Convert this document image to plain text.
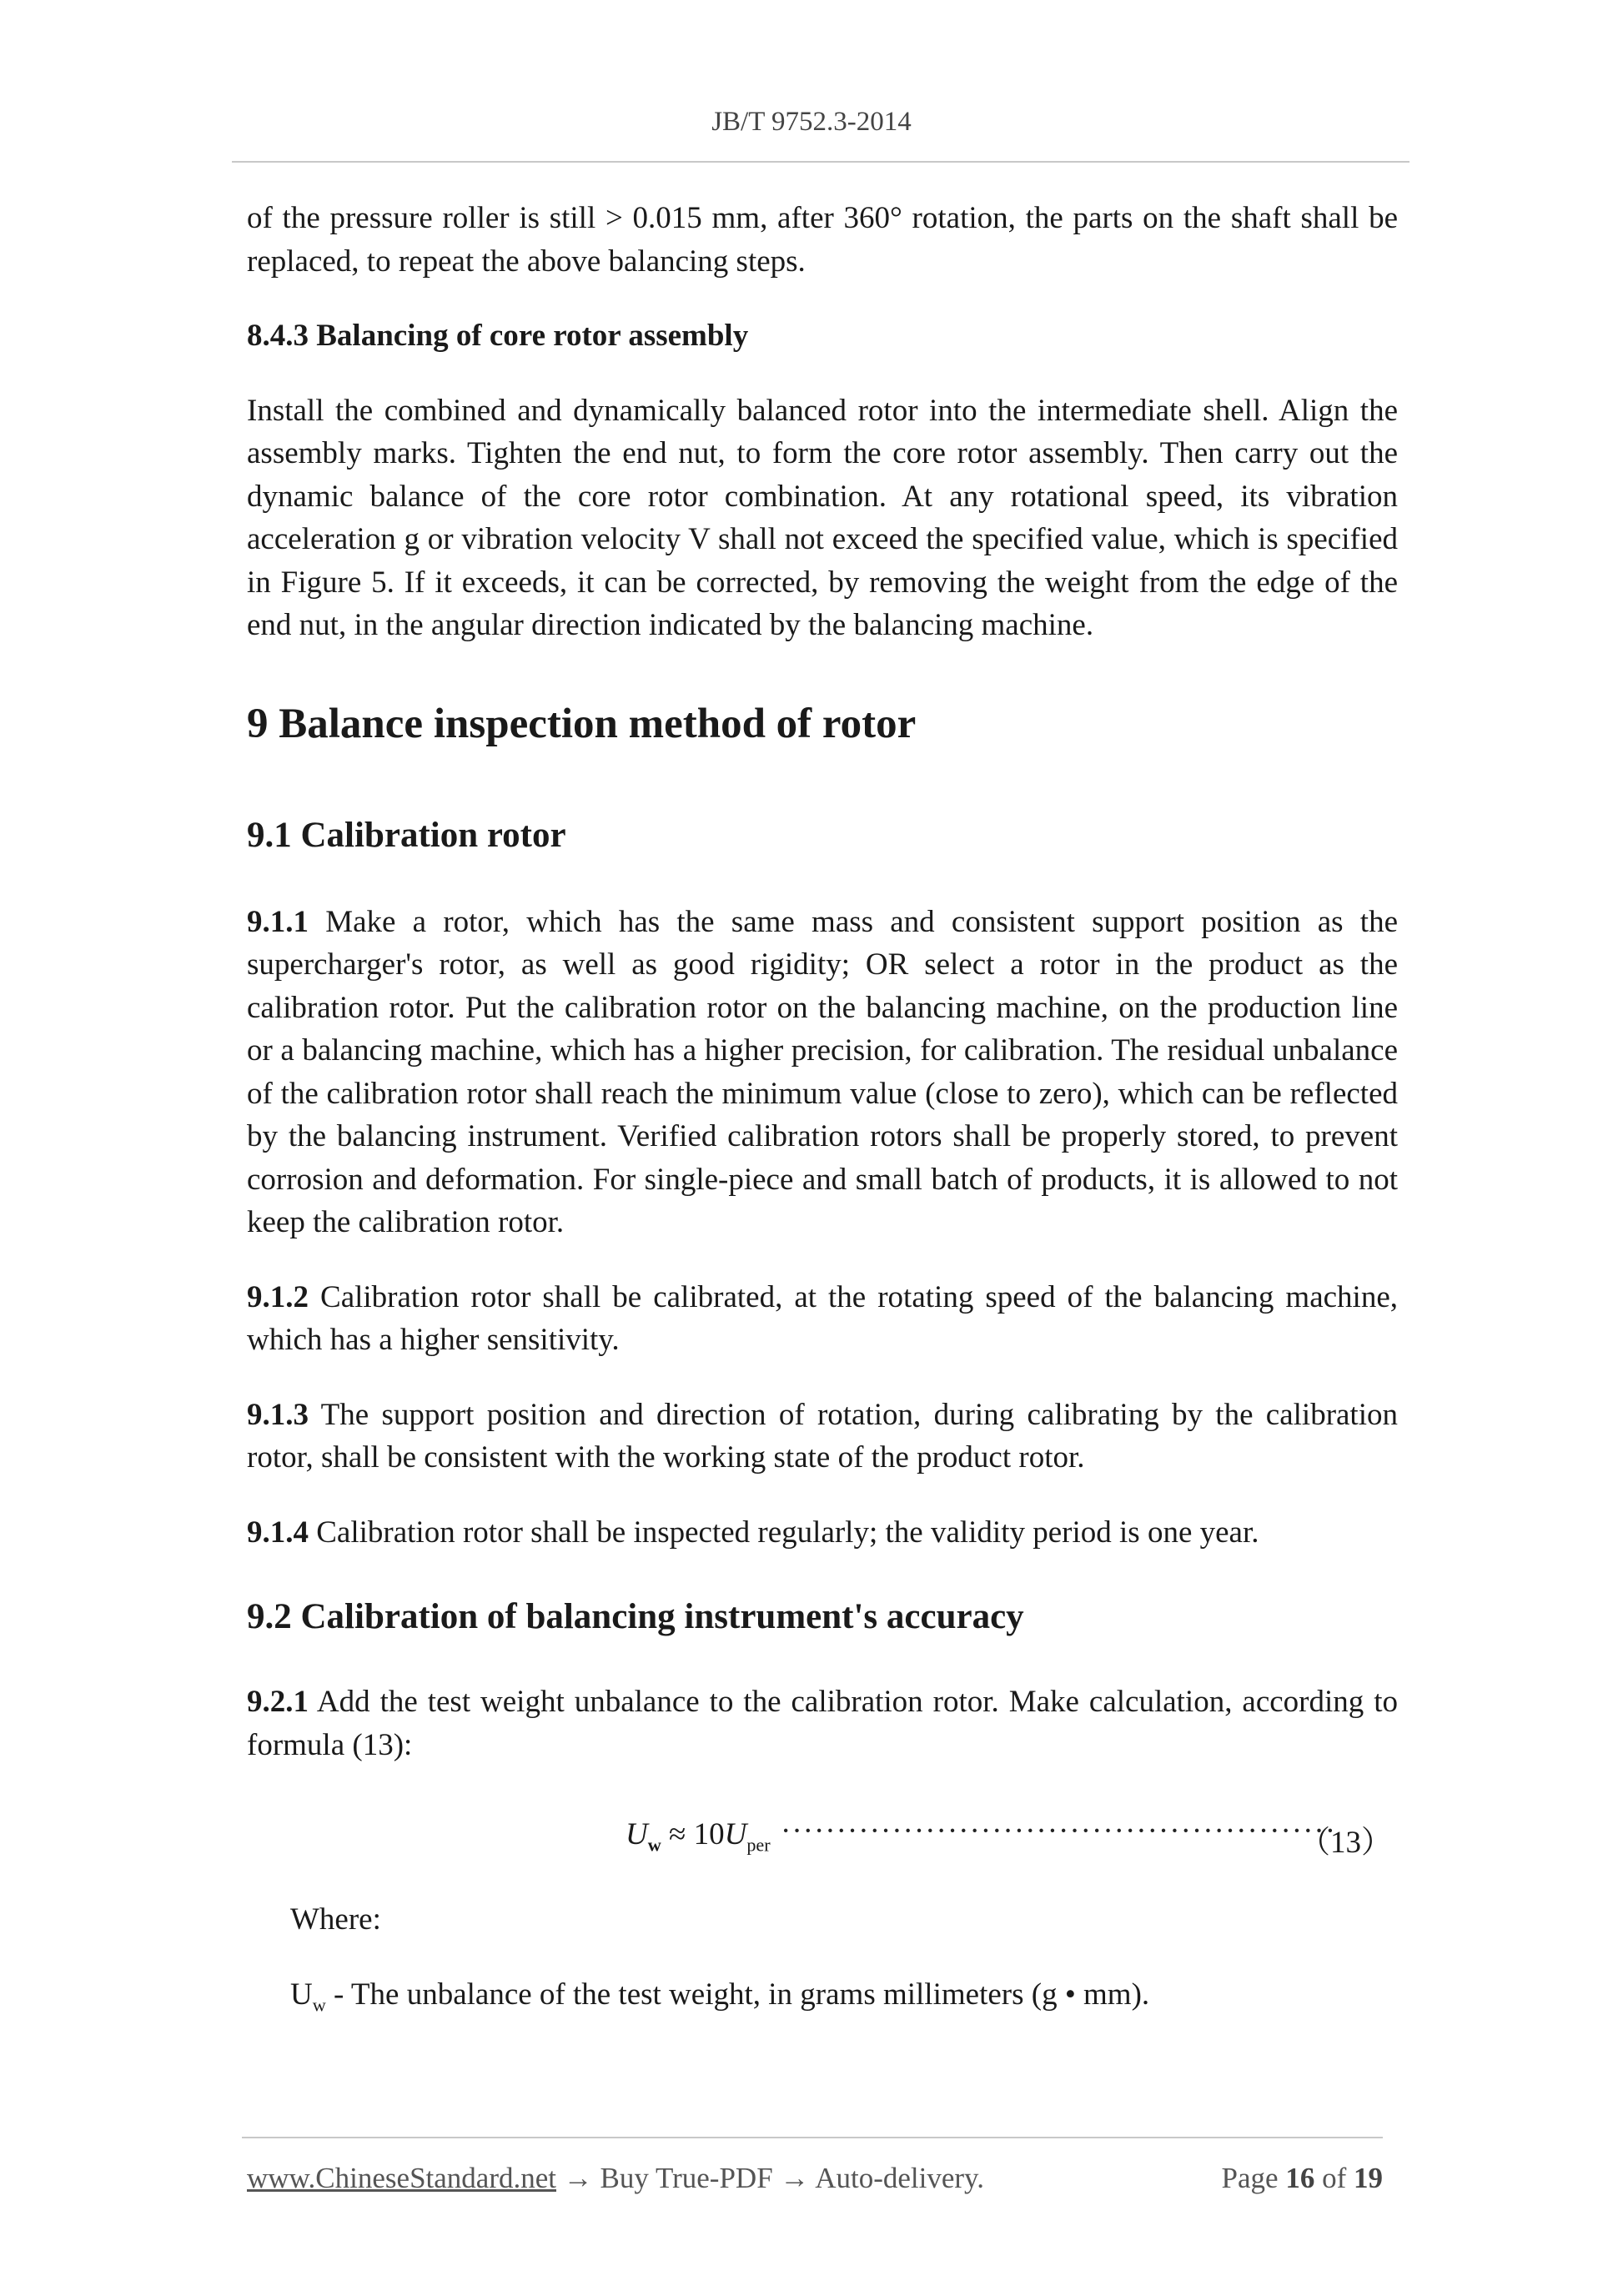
JB/T 9752.3-2014

of the pressure roller is still > 0.015 mm, after 360° rotation, the parts on the shaft shall be replaced, to repeat the above balancing steps.

8.4.3 Balancing of core rotor assembly

Install the combined and dynamically balanced rotor into the intermediate shell. Align the assembly marks. Tighten the end nut, to form the core rotor assembly. Then carry out the dynamic balance of the core rotor combination. At any rotational speed, its vibration acceleration g or vibration velocity V shall not exceed the specified value, which is specified in Figure 5. If it exceeds, it can be corrected, by removing the weight from the edge of the end nut, in the angular direction indicated by the balancing machine.

9 Balance inspection method of rotor
9.1 Calibration rotor

9.1.1 Make a rotor, which has the same mass and consistent support position as the supercharger's rotor, as well as good rigidity; OR select a rotor in the product as the calibration rotor. Put the calibration rotor on the balancing machine, on the production line or a balancing machine, which has a higher precision, for calibration. The residual unbalance of the calibration rotor shall reach the minimum value (close to zero), which can be reflected by the balancing instrument. Verified calibration rotors shall be properly stored, to prevent corrosion and deformation. For single-piece and small batch of products, it is allowed to not keep the calibration rotor.

9.1.2 Calibration rotor shall be calibrated, at the rotating speed of the balancing machine, which has a higher sensitivity.

9.1.3 The support position and direction of rotation, during calibrating by the calibration rotor, shall be consistent with the working state of the product rotor.

9.1.4 Calibration rotor shall be inspected regularly; the validity period is one year.

9.2 Calibration of balancing instrument's accuracy

9.2.1 Add the test weight unbalance to the calibration rotor. Make calculation, according to formula (13):

$U_w \approx 10U_{per}$ ··················································
（13）

Where:

$U_w$ - The unbalance of the test weight, in grams millimeters (g • mm).

www.ChineseStandard.net → Buy True-PDF → Auto-delivery.	Page 16 of 19
